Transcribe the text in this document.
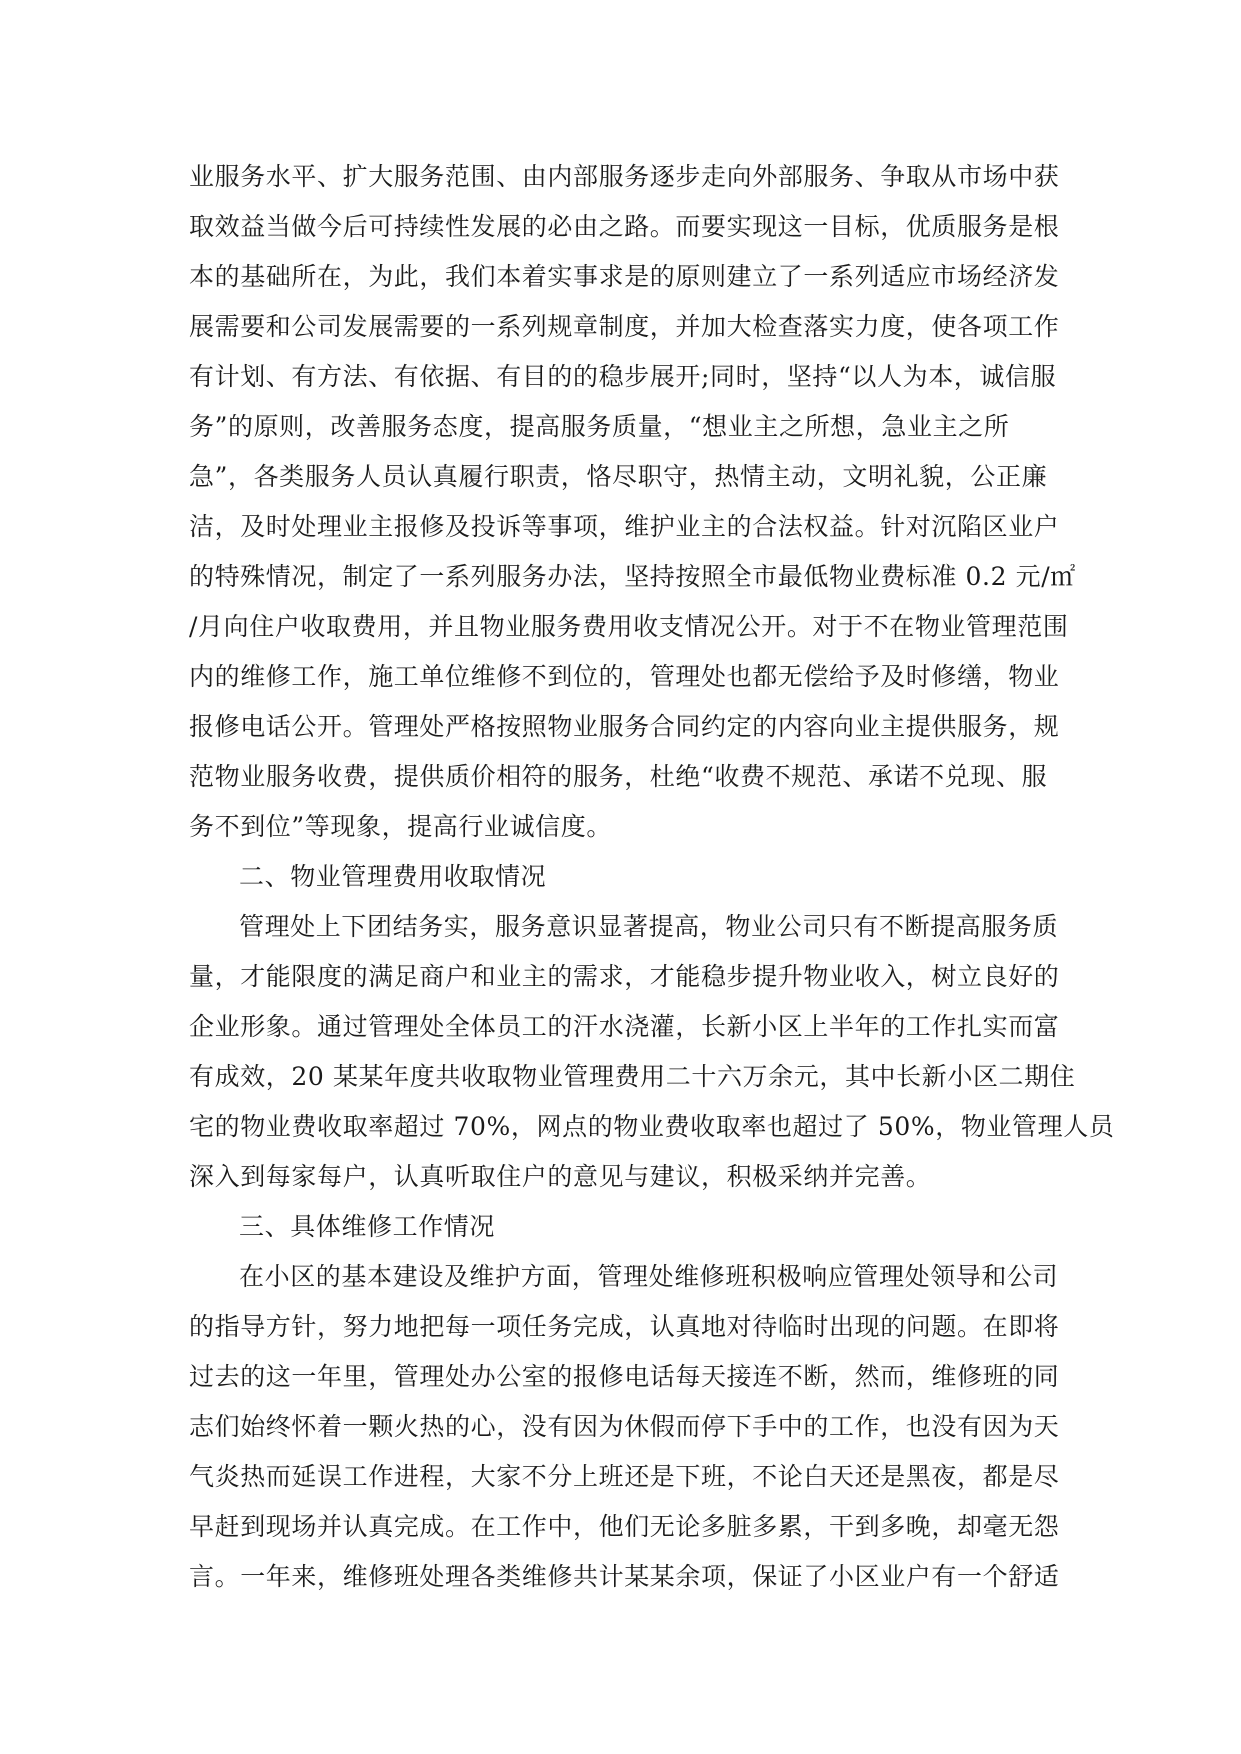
业服务水平、扩大服务范围、由内部服务逐步走向外部服务、争取从市场中获
取效益当做今后可持续性发展的必由之路。而要实现这一目标，优质服务是根
本的基础所在，为此，我们本着实事求是的原则建立了一系列适应市场经济发
展需要和公司发展需要的一系列规章制度，并加大检查落实力度，使各项工作
有计划、有方法、有依据、有目的的稳步展开;同时，坚持“以人为本，诚信服
务”的原则，改善服务态度，提高服务质量，“想业主之所想，急业主之所
急”，各类服务人员认真履行职责，恪尽职守，热情主动，文明礼貌，公正廉
洁，及时处理业主报修及投诉等事项，维护业主的合法权益。针对沉陷区业户
的特殊情况，制定了一系列服务办法，坚持按照全市最低物业费标准 0.2 元/㎡
/月向住户收取费用，并且物业服务费用收支情况公开。对于不在物业管理范围
内的维修工作，施工单位维修不到位的，管理处也都无偿给予及时修缮，物业
报修电话公开。管理处严格按照物业服务合同约定的内容向业主提供服务，规
范物业服务收费，提供质价相符的服务，杜绝“收费不规范、承诺不兑现、服
务不到位”等现象，提高行业诚信度。
二、物业管理费用收取情况
管理处上下团结务实，服务意识显著提高，物业公司只有不断提高服务质
量，才能限度的满足商户和业主的需求，才能稳步提升物业收入，树立良好的
企业形象。通过管理处全体员工的汗水浇灌，长新小区上半年的工作扎实而富
有成效，20 某某年度共收取物业管理费用二十六万余元，其中长新小区二期住
宅的物业费收取率超过 70%，网点的物业费收取率也超过了 50%，物业管理人员
深入到每家每户，认真听取住户的意见与建议，积极采纳并完善。
三、具体维修工作情况
在小区的基本建设及维护方面，管理处维修班积极响应管理处领导和公司
的指导方针，努力地把每一项任务完成，认真地对待临时出现的问题。在即将
过去的这一年里，管理处办公室的报修电话每天接连不断，然而，维修班的同
志们始终怀着一颗火热的心，没有因为休假而停下手中的工作，也没有因为天
气炎热而延误工作进程，大家不分上班还是下班，不论白天还是黑夜，都是尽
早赶到现场并认真完成。在工作中，他们无论多脏多累，干到多晚，却毫无怨
言。一年来，维修班处理各类维修共计某某余项，保证了小区业户有一个舒适
